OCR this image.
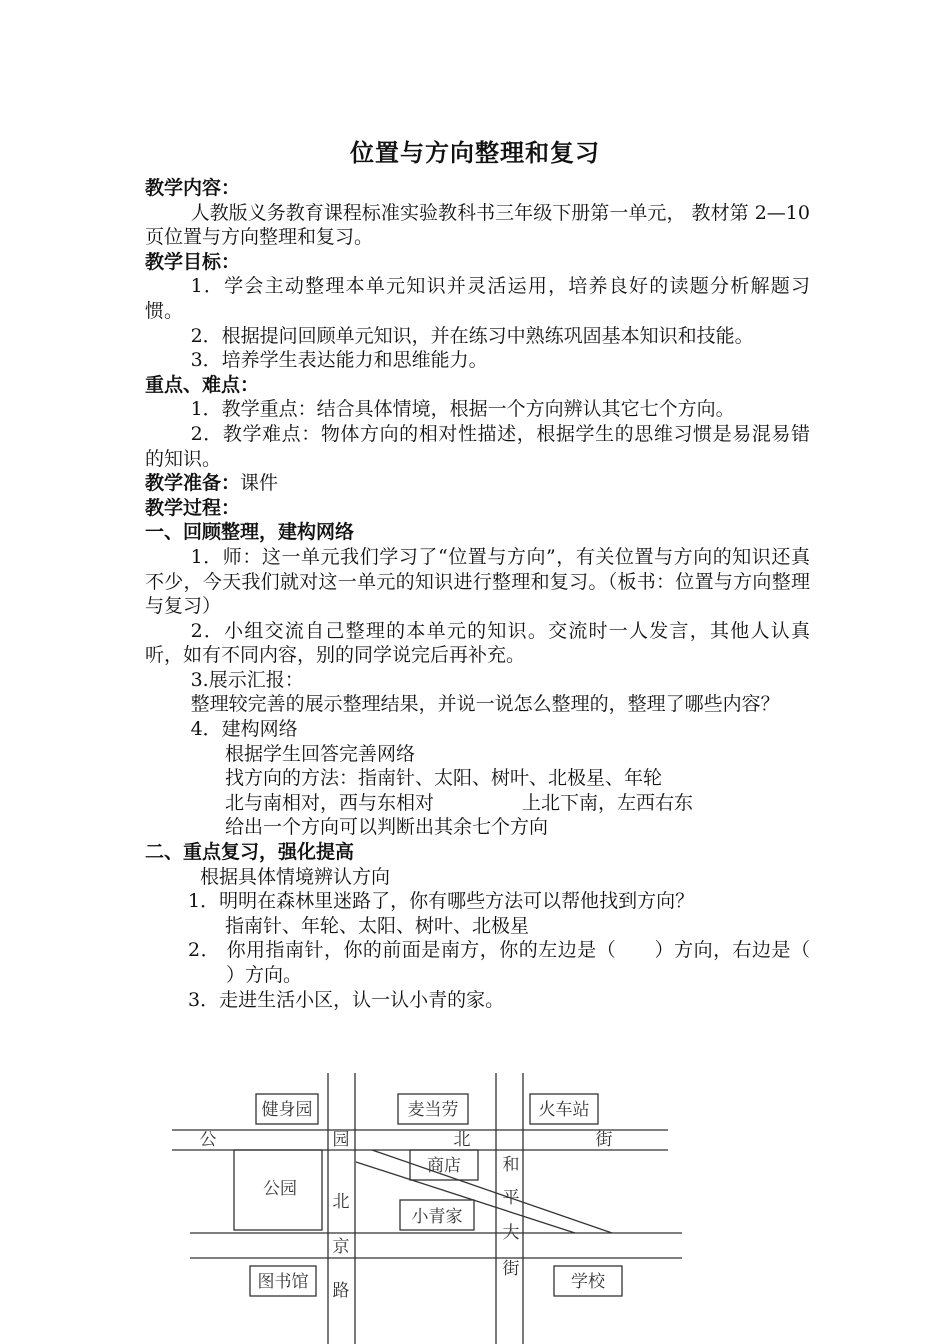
位置与方向整理和复习

教学内容：

人教版义务教育课程标准实验教科书三年级下册第一单元， 教材第 2—10 页位置与方向整理和复习。

教学目标：

1．学会主动整理本单元知识并灵活运用，培养良好的读题分析解题习惯。

2．根据提问回顾单元知识，并在练习中熟练巩固基本知识和技能。

3．培养学生表达能力和思维能力。

重点、难点：

1．教学重点：结合具体情境，根据一个方向辨认其它七个方向。

2．教学难点：物体方向的相对性描述，根据学生的思维习惯是易混易错的知识。

教学准备：课件

教学过程：

一、回顾整理，建构网络

1．师：这一单元我们学习了“位置与方向”，有关位置与方向的知识还真不少，今天我们就对这一单元的知识进行整理和复习。（板书：位置与方向整理与复习）

2．小组交流自己整理的本单元的知识。交流时一人发言，其他人认真听，如有不同内容，别的同学说完后再补充。

3.展示汇报：

整理较完善的展示整理结果，并说一说怎么整理的，整理了哪些内容？

4．建构网络

根据学生回答完善网络

找方向的方法：指南针、太阳、树叶、北极星、年轮

北与南相对，西与东相对	上北下南，左西右东

给出一个方向可以判断出其余七个方向

二、重点复习，强化提高

根据具体情境辨认方向

1．明明在森林里迷路了，你有哪些方法可以帮他找到方向？

指南针、年轮、太阳、树叶、北极星

2． 你用指南针，你的前面是南方，你的左边是（ ）方向，右边是（）方向。

3．走进生活小区，认一认小青的家。

健身园	麦当劳	火车站
公园
商店
小青家
图书馆	学校
公	园	北	街
和
平
大
街
北
京
路
